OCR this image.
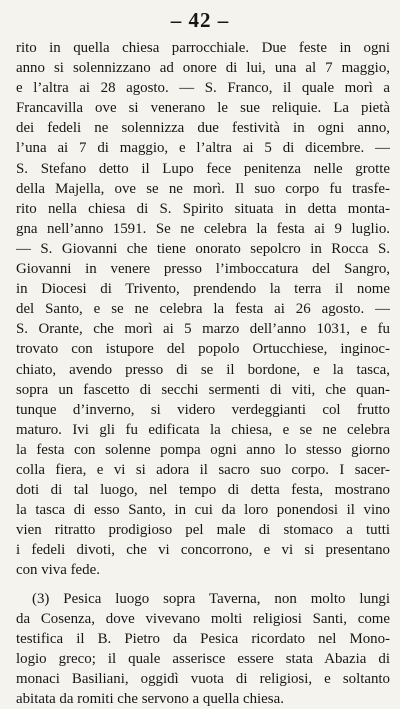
– 42 –
rito in quella chiesa parrocchiale. Due feste in ogni
anno si solennizzano ad onore di lui, una al 7 maggio,
e l’altra ai 28 agosto. — S. Franco, il quale morì a
Francavilla ove si venerano le sue reliquie. La pietà
dei fedeli ne solennizza due festività in ogni anno,
l’una ai 7 di maggio, e l’altra ai 5 di dicembre. —
S. Stefano detto il Lupo fece penitenza nelle grotte
della Majella, ove se ne morì. Il suo corpo fu trasfe-
rito nella chiesa di S. Spirito situata in detta monta-
gna nell’anno 1591. Se ne celebra la festa ai 9 luglio.
— S. Giovanni che tiene onorato sepolcro in Rocca S.
Giovanni in venere presso l’imboccatura del Sangro,
in Diocesi di Trivento, prendendo la terra il nome
del Santo, e se ne celebra la festa ai 26 agosto. —
S. Orante, che morì ai 5 marzo dell’anno 1031, e fu
trovato con istupore del popolo Ortucchiese, inginoc-
chiato, avendo presso di se il bordone, e la tasca,
sopra un fascetto di secchi sermenti di viti, che quan-
tunque d’inverno, si videro verdeggianti col frutto
maturo. Ivi gli fu edificata la chiesa, e se ne celebra
la festa con solenne pompa ogni anno lo stesso giorno
colla fiera, e vi si adora il sacro suo corpo. I sacer-
doti di tal luogo, nel tempo di detta festa, mostrano
la tasca di esso Santo, in cui da loro ponendosi il vino
vien ritratto prodigioso pel male di stomaco a tutti
i fedeli divoti, che vi concorrono, e vi si presentano
con viva fede.
(3) Pesica luogo sopra Taverna, non molto lungi
da Cosenza, dove vivevano molti religiosi Santi, come
testifica il B. Pietro da Pesica ricordato nel Mono-
logio greco; il quale asserisce essere stata Abazia di
monaci Basiliani, oggidì vuota di religiosi, e soltanto
abitata da romiti che servono a quella chiesa.
